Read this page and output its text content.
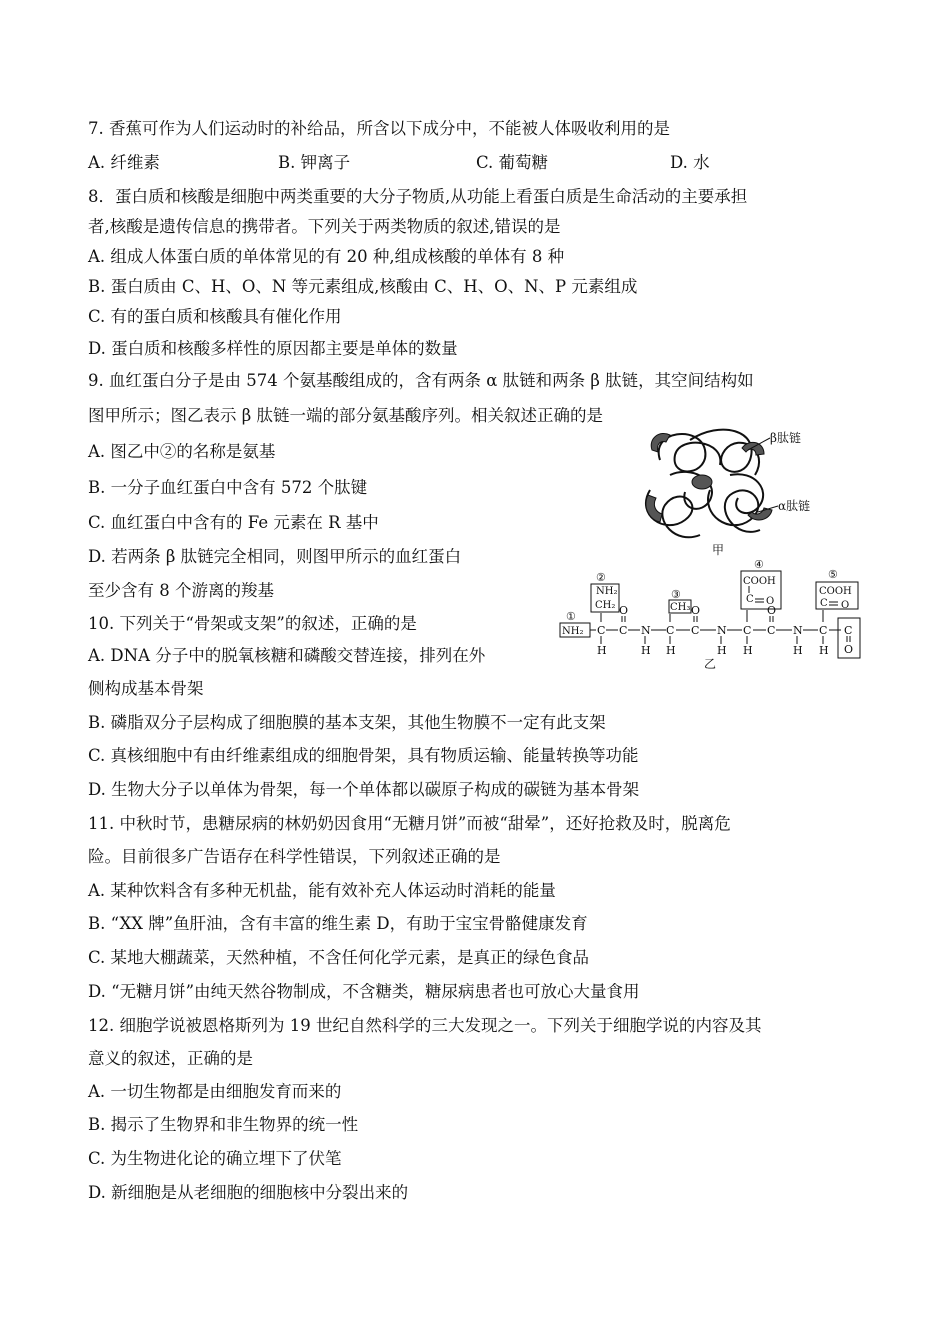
7. 香蕉可作为人们运动时的补给品，所含以下成分中，不能被人体吸收利用的是
A. 纤维素	B. 钾离子	C. 葡萄糖	D. 水
8．蛋白质和核酸是细胞中两类重要的大分子物质,从功能上看蛋白质是生命活动的主要承担
者,核酸是遗传信息的携带者。下列关于两类物质的叙述,错误的是
A. 组成人体蛋白质的单体常见的有 20 种,组成核酸的单体有 8 种
B. 蛋白质由 C、H、O、N 等元素组成,核酸由 C、H、O、N、P 元素组成
C. 有的蛋白质和核酸具有催化作用
D. 蛋白质和核酸多样性的原因都主要是单体的数量
9. 血红蛋白分子是由 574 个氨基酸组成的，含有两条 α 肽链和两条 β 肽链，其空间结构如
图甲所示；图乙表示 β 肽链一端的部分氨基酸序列。相关叙述正确的是
A. 图乙中②的名称是氨基
B. 一分子血红蛋白中含有 572 个肽键
C. 血红蛋白中含有的 Fe 元素在 R 基中
D. 若两条 β 肽链完全相同，则图甲所示的血红蛋白
至少含有 8 个游离的羧基
β肽链
α肽链
甲
①
②
③
④
⑤
NH₂
NH₂
CH₂	CH₃
COOH
COOH
C
H
C
O
N
H
C
H
C
O
N
H
C
C O
H
C
O
N
H
C
C O
H
C
O
乙
10. 下列关于“骨架或支架”的叙述，正确的是
A. DNA 分子中的脱氧核糖和磷酸交替连接，排列在外
侧构成基本骨架
B. 磷脂双分子层构成了细胞膜的基本支架，其他生物膜不一定有此支架
C. 真核细胞中有由纤维素组成的细胞骨架，具有物质运输、能量转换等功能
D. 生物大分子以单体为骨架，每一个单体都以碳原子构成的碳链为基本骨架
11. 中秋时节，患糖尿病的林奶奶因食用“无糖月饼”而被“甜晕”，还好抢救及时，脱离危
险。目前很多广告语存在科学性错误，下列叙述正确的是
A. 某种饮料含有多种无机盐，能有效补充人体运动时消耗的能量
B. “XX 牌”鱼肝油，含有丰富的维生素 D，有助于宝宝骨骼健康发育
C. 某地大棚蔬菜，天然种植，不含任何化学元素，是真正的绿色食品
D. “无糖月饼”由纯天然谷物制成，不含糖类，糖尿病患者也可放心大量食用
12. 细胞学说被恩格斯列为 19 世纪自然科学的三大发现之一。下列关于细胞学说的内容及其
意义的叙述，正确的是
A. 一切生物都是由细胞发育而来的
B. 揭示了生物界和非生物界的统一性
C. 为生物进化论的确立埋下了伏笔
D. 新细胞是从老细胞的细胞核中分裂出来的
